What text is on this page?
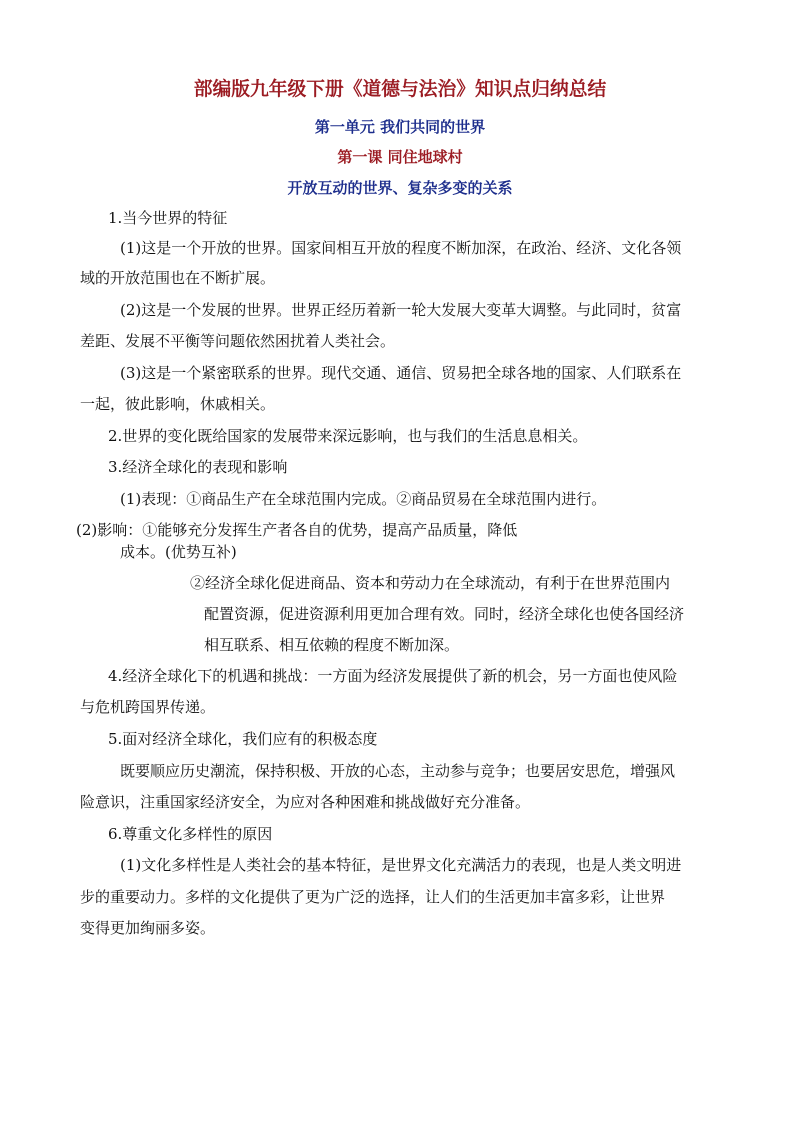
部编版九年级下册《道德与法治》知识点归纳总结
第一单元 我们共同的世界
第一课 同住地球村
开放互动的世界、复杂多变的关系
1.当今世界的特征
(1)这是一个开放的世界。国家间相互开放的程度不断加深，在政治、经济、文化各领
域的开放范围也在不断扩展。
(2)这是一个发展的世界。世界正经历着新一轮大发展大变革大调整。与此同时，贫富
差距、发展不平衡等问题依然困扰着人类社会。
(3)这是一个紧密联系的世界。现代交通、通信、贸易把全球各地的国家、人们联系在
一起，彼此影响，休戚相关。
2.世界的变化既给国家的发展带来深远影响，也与我们的生活息息相关。
3.经济全球化的表现和影响
(1)表现：①商品生产在全球范围内完成。②商品贸易在全球范围内进行。
(2)影响：①能够充分发挥生产者各自的优势，提高产品质量，降低
成本。(优势互补)
②经济全球化促进商品、资本和劳动力在全球流动，有利于在世界范围内
配置资源，促进资源利用更加合理有效。同时，经济全球化也使各国经济
相互联系、相互依赖的程度不断加深。
4.经济全球化下的机遇和挑战：一方面为经济发展提供了新的机会，另一方面也使风险
与危机跨国界传递。
5.面对经济全球化，我们应有的积极态度
既要顺应历史潮流，保持积极、开放的心态，主动参与竞争；也要居安思危，增强风
险意识，注重国家经济安全，为应对各种困难和挑战做好充分准备。
6.尊重文化多样性的原因
(1)文化多样性是人类社会的基本特征，是世界文化充满活力的表现，也是人类文明进
步的重要动力。多样的文化提供了更为广泛的选择，让人们的生活更加丰富多彩，让世界
变得更加绚丽多姿。
